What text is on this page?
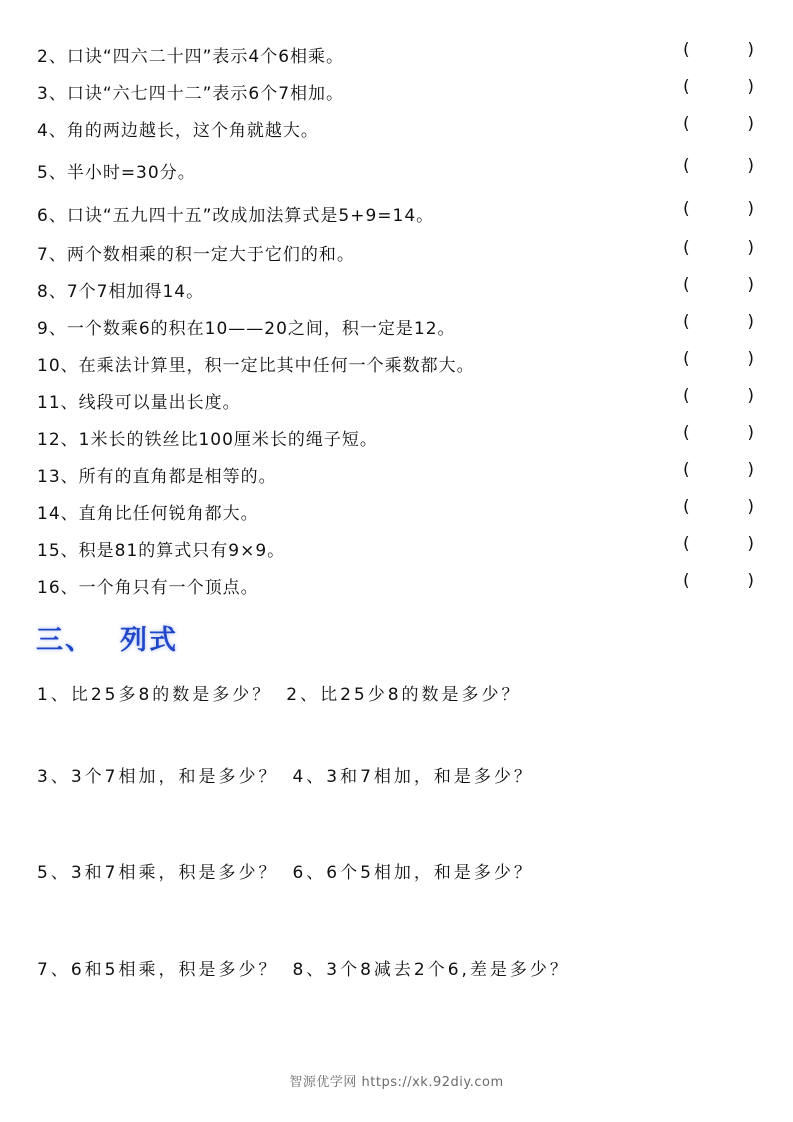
2、口诀“四六二十四”表示4个6相乘。	(	)
3、口诀“六七四十二”表示6个7相加。	(	)
4、角的两边越长，这个角就越大。	(	)
5、半小时=30分。	(	)
6、口诀“五九四十五”改成加法算式是5+9=14。	(	)
7、两个数相乘的积一定大于它们的和。	(	)
8、7个7相加得14。	(	)
9、一个数乘6的积在10——20之间，积一定是12。	(	)
10、在乘法计算里，积一定比其中任何一个乘数都大。	(	)
11、线段可以量出长度。	(	)
12、1米长的铁丝比100厘米长的绳子短。	(	)
13、所有的直角都是相等的。	(	)
14、直角比任何锐角都大。	(	)
15、积是81的算式只有9×9。	(	)
16、一个角只有一个顶点。	(	)
三、 列式
1、比25多8的数是多少？ 2、比25少8的数是多少？
3、3个7相加，和是多少？ 4、3和7相加，和是多少？
5、3和7相乘，积是多少？ 6、6个5相加，和是多少？
7、6和5相乘，积是多少？ 8、3个8减去2个6,差是多少？
智源优学网 https://xk.92diy.com
